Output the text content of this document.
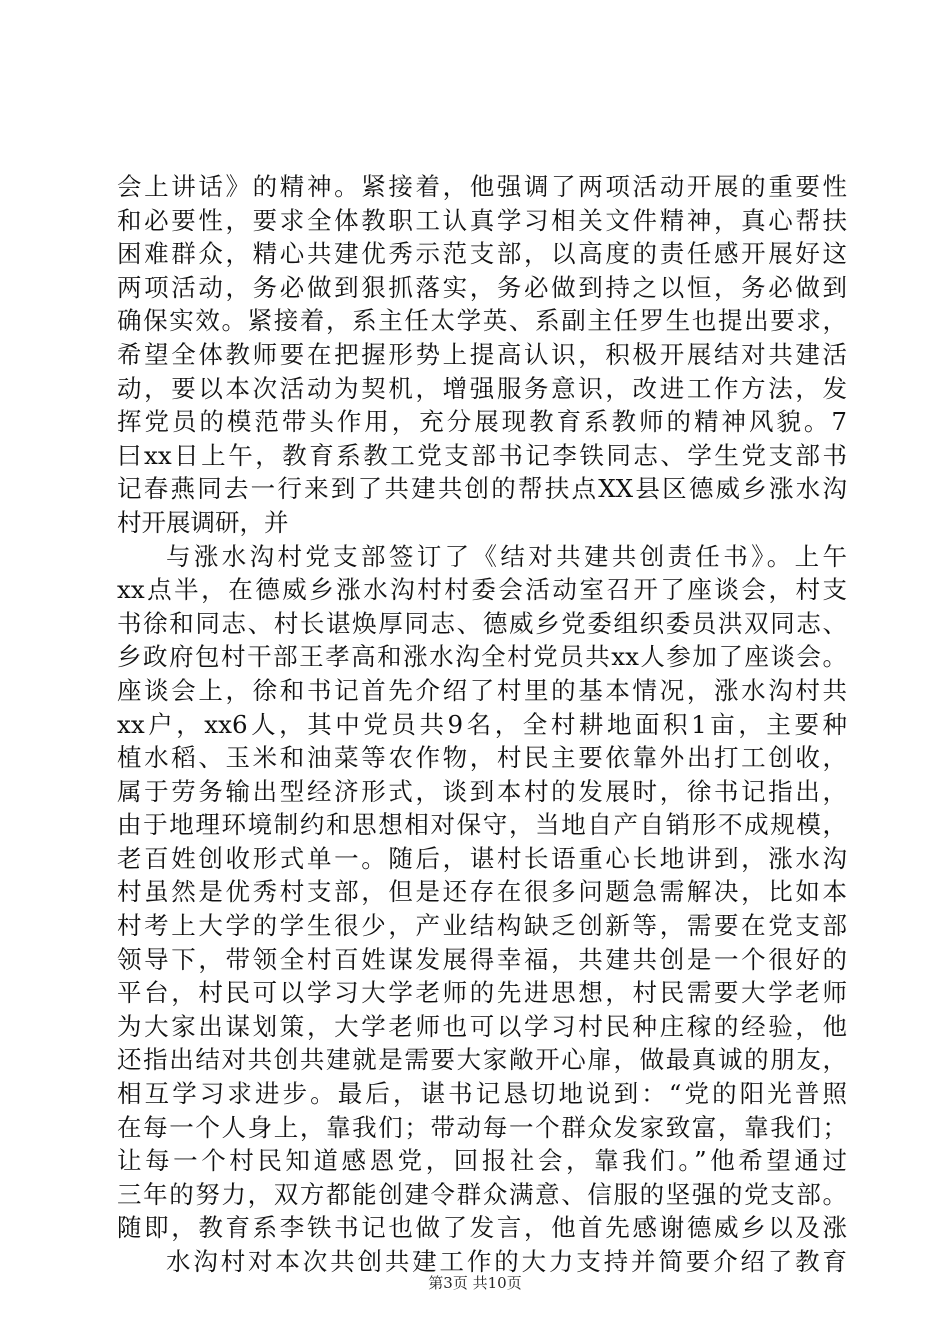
会上讲话》的精神。紧接着，他强调了两项活动开展的重要性
和必要性，要求全体教职工认真学习相关文件精神，真心帮扶
困难群众，精心共建优秀示范支部，以高度的责任感开展好这
两项活动，务必做到狠抓落实，务必做到持之以恒，务必做到
确保实效。紧接着，系主任太学英、系副主任罗生也提出要求，
希望全体教师要在把握形势上提高认识，积极开展结对共建活
动，要以本次活动为契机，增强服务意识，改进工作方法，发
挥党员的模范带头作用，充分展现教育系教师的精神风貌。7
曰xx日上午，教育系教工党支部书记李铁同志、学生党支部书
记春燕同去一行来到了共建共创的帮扶点XX县区德威乡涨水沟
村开展调研，并

与涨水沟村党支部签订了《结对共建共创责任书》。上午
xx点半，在德威乡涨水沟村村委会活动室召开了座谈会，村支
书徐和同志、村长谌焕厚同志、德威乡党委组织委员洪双同志、
乡政府包村干部王孝高和涨水沟全村党员共xx人参加了座谈会。
座谈会上，徐和书记首先介绍了村里的基本情况，涨水沟村共
xx户，xx6人，其中党员共9名，全村耕地面积1亩，主要种
植水稻、玉米和油菜等农作物，村民主要依靠外出打工创收，
属于劳务输出型经济形式，谈到本村的发展时，徐书记指出，
由于地理环境制约和思想相对保守，当地自产自销形不成规模，
老百姓创收形式单一。随后，谌村长语重心长地讲到，涨水沟
村虽然是优秀村支部，但是还存在很多问题急需解决，比如本
村考上大学的学生很少，产业结构缺乏创新等，需要在党支部
领导下，带领全村百姓谋发展得幸福，共建共创是一个很好的
平台，村民可以学习大学老师的先进思想，村民需要大学老师
为大家出谋划策，大学老师也可以学习村民种庄稼的经验，他
还指出结对共创共建就是需要大家敞开心扉，做最真诚的朋友，
相互学习求进步。最后，谌书记恳切地说到：“党的阳光普照
在每一个人身上，靠我们；带动每一个群众发家致富，靠我们；
让每一个村民知道感恩党，回报社会，靠我们。”他希望通过
三年的努力，双方都能创建令群众满意、信服的坚强的党支部。
随即，教育系李铁书记也做了发言，他首先感谢德威乡以及涨

水沟村对本次共创共建工作的大力支持并简要介绍了教育

第3页 共10页
